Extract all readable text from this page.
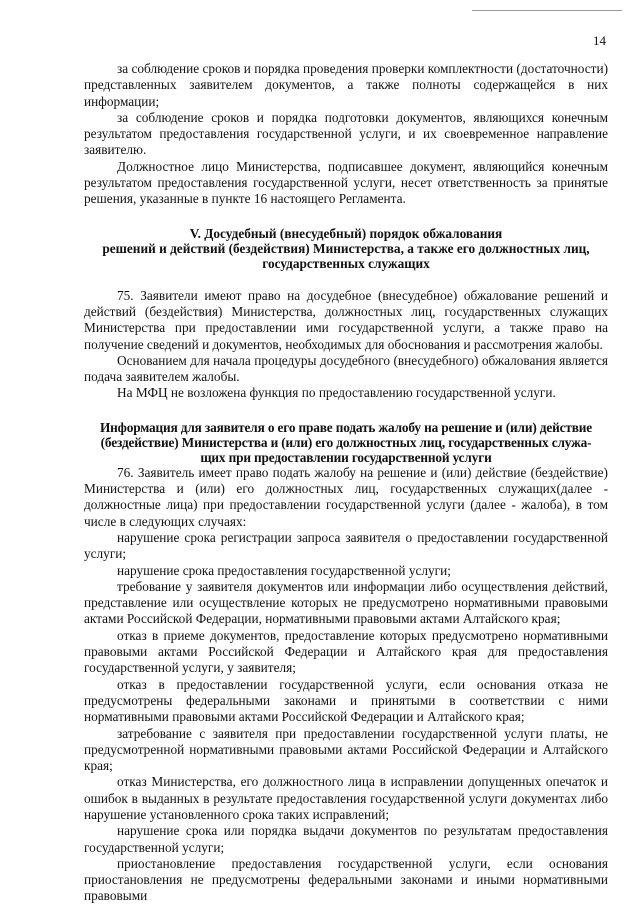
14

за соблюдение сроков и порядка проведения проверки комплектности (достаточности) представленных заявителем документов, а также полноты содержащейся в них информации;

за соблюдение сроков и порядка подготовки документов, являющихся конечным результатом предоставления государственной услуги, и их своевременное направление заявителю.

Должностное лицо Министерства, подписавшее документ, являющийся конечным результатом предоставления государственной услуги, несет ответственность за принятые решения, указанные в пункте 16 настоящего Регламента.

V. Досудебный (внесудебный) порядок обжалования
решений и действий (бездействия) Министерства, а также его должностных лиц,
государственных служащих

75. Заявители имеют право на досудебное (внесудебное) обжалование решений и действий (бездействия) Министерства, должностных лиц, государственных служащих Министерства при предоставлении ими государственной услуги, а также право на получение сведений и документов, необходимых для обоснования и рассмотрения жалобы.

Основанием для начала процедуры досудебного (внесудебного) обжалования является подача заявителем жалобы.

На МФЦ не возложена функция по предоставлению государственной услуги.

Информация для заявителя о его праве подать жалобу на решение и (или) действие
(бездействие) Министерства и (или) его должностных лиц, государственных служа-
щих при предоставлении государственной услуги

76. Заявитель имеет право подать жалобу на решение и (или) действие (бездействие) Министерства и (или) его должностных лиц, государственных служащих(далее - должностные лица) при предоставлении государственной услуги (далее - жалоба), в том числе в следующих случаях:

нарушение срока регистрации запроса заявителя о предоставлении государственной услуги;

нарушение срока предоставления государственной услуги;

требование у заявителя документов или информации либо осуществления действий, представление или осуществление которых не предусмотрено нормативными правовыми актами Российской Федерации, нормативными правовыми актами Алтайского края;

отказ в приеме документов, предоставление которых предусмотрено нормативными правовыми актами Российской Федерации и Алтайского края для предоставления государственной услуги, у заявителя;

отказ в предоставлении государственной услуги, если основания отказа не предусмотрены федеральными законами и принятыми в соответствии с ними нормативными правовыми актами Российской Федерации и Алтайского края;

затребование с заявителя при предоставлении государственной услуги платы, не предусмотренной нормативными правовыми актами Российской Федерации и Алтайского края;

отказ Министерства, его должностного лица в исправлении допущенных опечаток и ошибок в выданных в результате предоставления государственной услуги документах либо нарушение установленного срока таких исправлений;

нарушение срока или порядка выдачи документов по результатам предоставления государственной услуги;

приостановление предоставления государственной услуги, если основания приостановления не предусмотрены федеральными законами и иными нормативными правовыми
